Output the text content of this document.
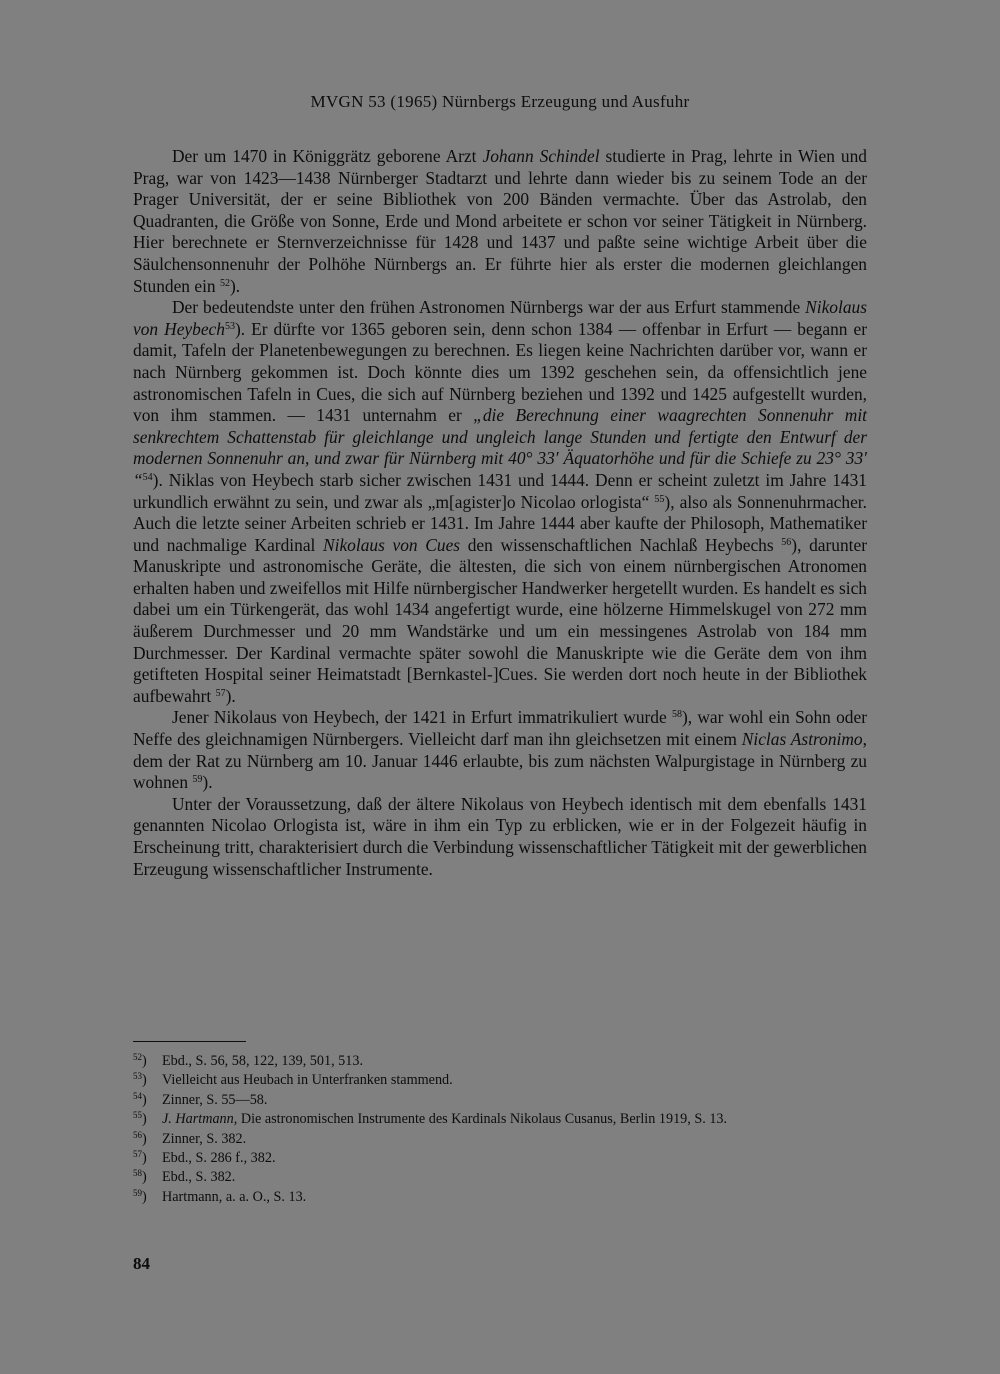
MVGN 53 (1965) Nürnbergs Erzeugung und Ausfuhr

Der um 1470 in Königgrätz geborene Arzt Johann Schindel studierte in Prag, lehrte in Wien und Prag, war von 1423—1438 Nürnberger Stadtarzt und lehrte dann wieder bis zu seinem Tode an der Prager Universität, der er seine Bibliothek von 200 Bänden vermachte. Über das Astrolab, den Quadranten, die Größe von Sonne, Erde und Mond arbeitete er schon vor seiner Tätigkeit in Nürnberg. Hier berechnete er Sternverzeichnisse für 1428 und 1437 und paßte seine wichtige Arbeit über die Säulchensonnenuhr der Polhöhe Nürnbergs an. Er führte hier als erster die modernen gleichlangen Stunden ein $^{52}$).

Der bedeutendste unter den frühen Astronomen Nürnbergs war der aus Erfurt stammende Nikolaus von Heybech$^{53}$). Er dürfte vor 1365 geboren sein, denn schon 1384 — offenbar in Erfurt — begann er damit, Tafeln der Planetenbewegungen zu berechnen. Es liegen keine Nachrichten darüber vor, wann er nach Nürnberg gekommen ist. Doch könnte dies um 1392 geschehen sein, da offensichtlich jene astronomischen Tafeln in Cues, die sich auf Nürnberg beziehen und 1392 und 1425 aufgestellt wurden, von ihm stammen. — 1431 unternahm er „die Berechnung einer waagrechten Sonnenuhr mit senkrechtem Schattenstab für gleichlange und ungleich lange Stunden und fertigte den Entwurf der modernen Sonnenuhr an, und zwar für Nürnberg mit 40° 33′ Äquatorhöhe und für die Schiefe zu 23° 33′ “$^{54}$). Niklas von Heybech starb sicher zwischen 1431 und 1444. Denn er scheint zuletzt im Jahre 1431 urkundlich erwähnt zu sein, und zwar als „m[agister]o Nicolao orlogista“ $^{55}$), also als Sonnenuhrmacher. Auch die letzte seiner Arbeiten schrieb er 1431. Im Jahre 1444 aber kaufte der Philosoph, Mathematiker und nachmalige Kardinal Nikolaus von Cues den wissenschaftlichen Nachlaß Heybechs $^{56}$), darunter Manuskripte und astronomische Geräte, die ältesten, die sich von einem nürnbergischen Atronomen erhalten haben und zweifellos mit Hilfe nürnbergischer Handwerker hergetellt wurden. Es handelt es sich dabei um ein Türkengerät, das wohl 1434 angefertigt wurde, eine hölzerne Himmelskugel von 272 mm äußerem Durchmesser und 20 mm Wandstärke und um ein messingenes Astrolab von 184 mm Durchmesser. Der Kardinal vermachte später sowohl die Manuskripte wie die Geräte dem von ihm getifteten Hospital seiner Heimatstadt [Bernkastel-]Cues. Sie werden dort noch heute in der Bibliothek aufbewahrt $^{57}$).

Jener Nikolaus von Heybech, der 1421 in Erfurt immatrikuliert wurde $^{58}$), war wohl ein Sohn oder Neffe des gleichnamigen Nürnbergers. Vielleicht darf man ihn gleichsetzen mit einem Niclas Astronimo, dem der Rat zu Nürnberg am 10. Januar 1446 erlaubte, bis zum nächsten Walpurgistage in Nürnberg zu wohnen $^{59}$).

Unter der Voraussetzung, daß der ältere Nikolaus von Heybech identisch mit dem ebenfalls 1431 genannten Nicolao Orlogista ist, wäre in ihm ein Typ zu erblicken, wie er in der Folgezeit häufig in Erscheinung tritt, charakterisiert durch die Verbindung wissenschaftlicher Tätigkeit mit der gewerblichen Erzeugung wissenschaftlicher Instrumente.

$^{52}$)	Ebd., S. 56, 58, 122, 139, 501, 513.
$^{53}$)	Vielleicht aus Heubach in Unterfranken stammend.
$^{54}$)	Zinner, S. 55—58.
$^{55}$)	J. Hartmann, Die astronomischen Instrumente des Kardinals Nikolaus Cusanus, Berlin 1919, S. 13.
$^{56}$)	Zinner, S. 382.
$^{57}$)	Ebd., S. 286 f., 382.
$^{58}$)	Ebd., S. 382.
$^{59}$)	Hartmann, a. a. O., S. 13.
84
